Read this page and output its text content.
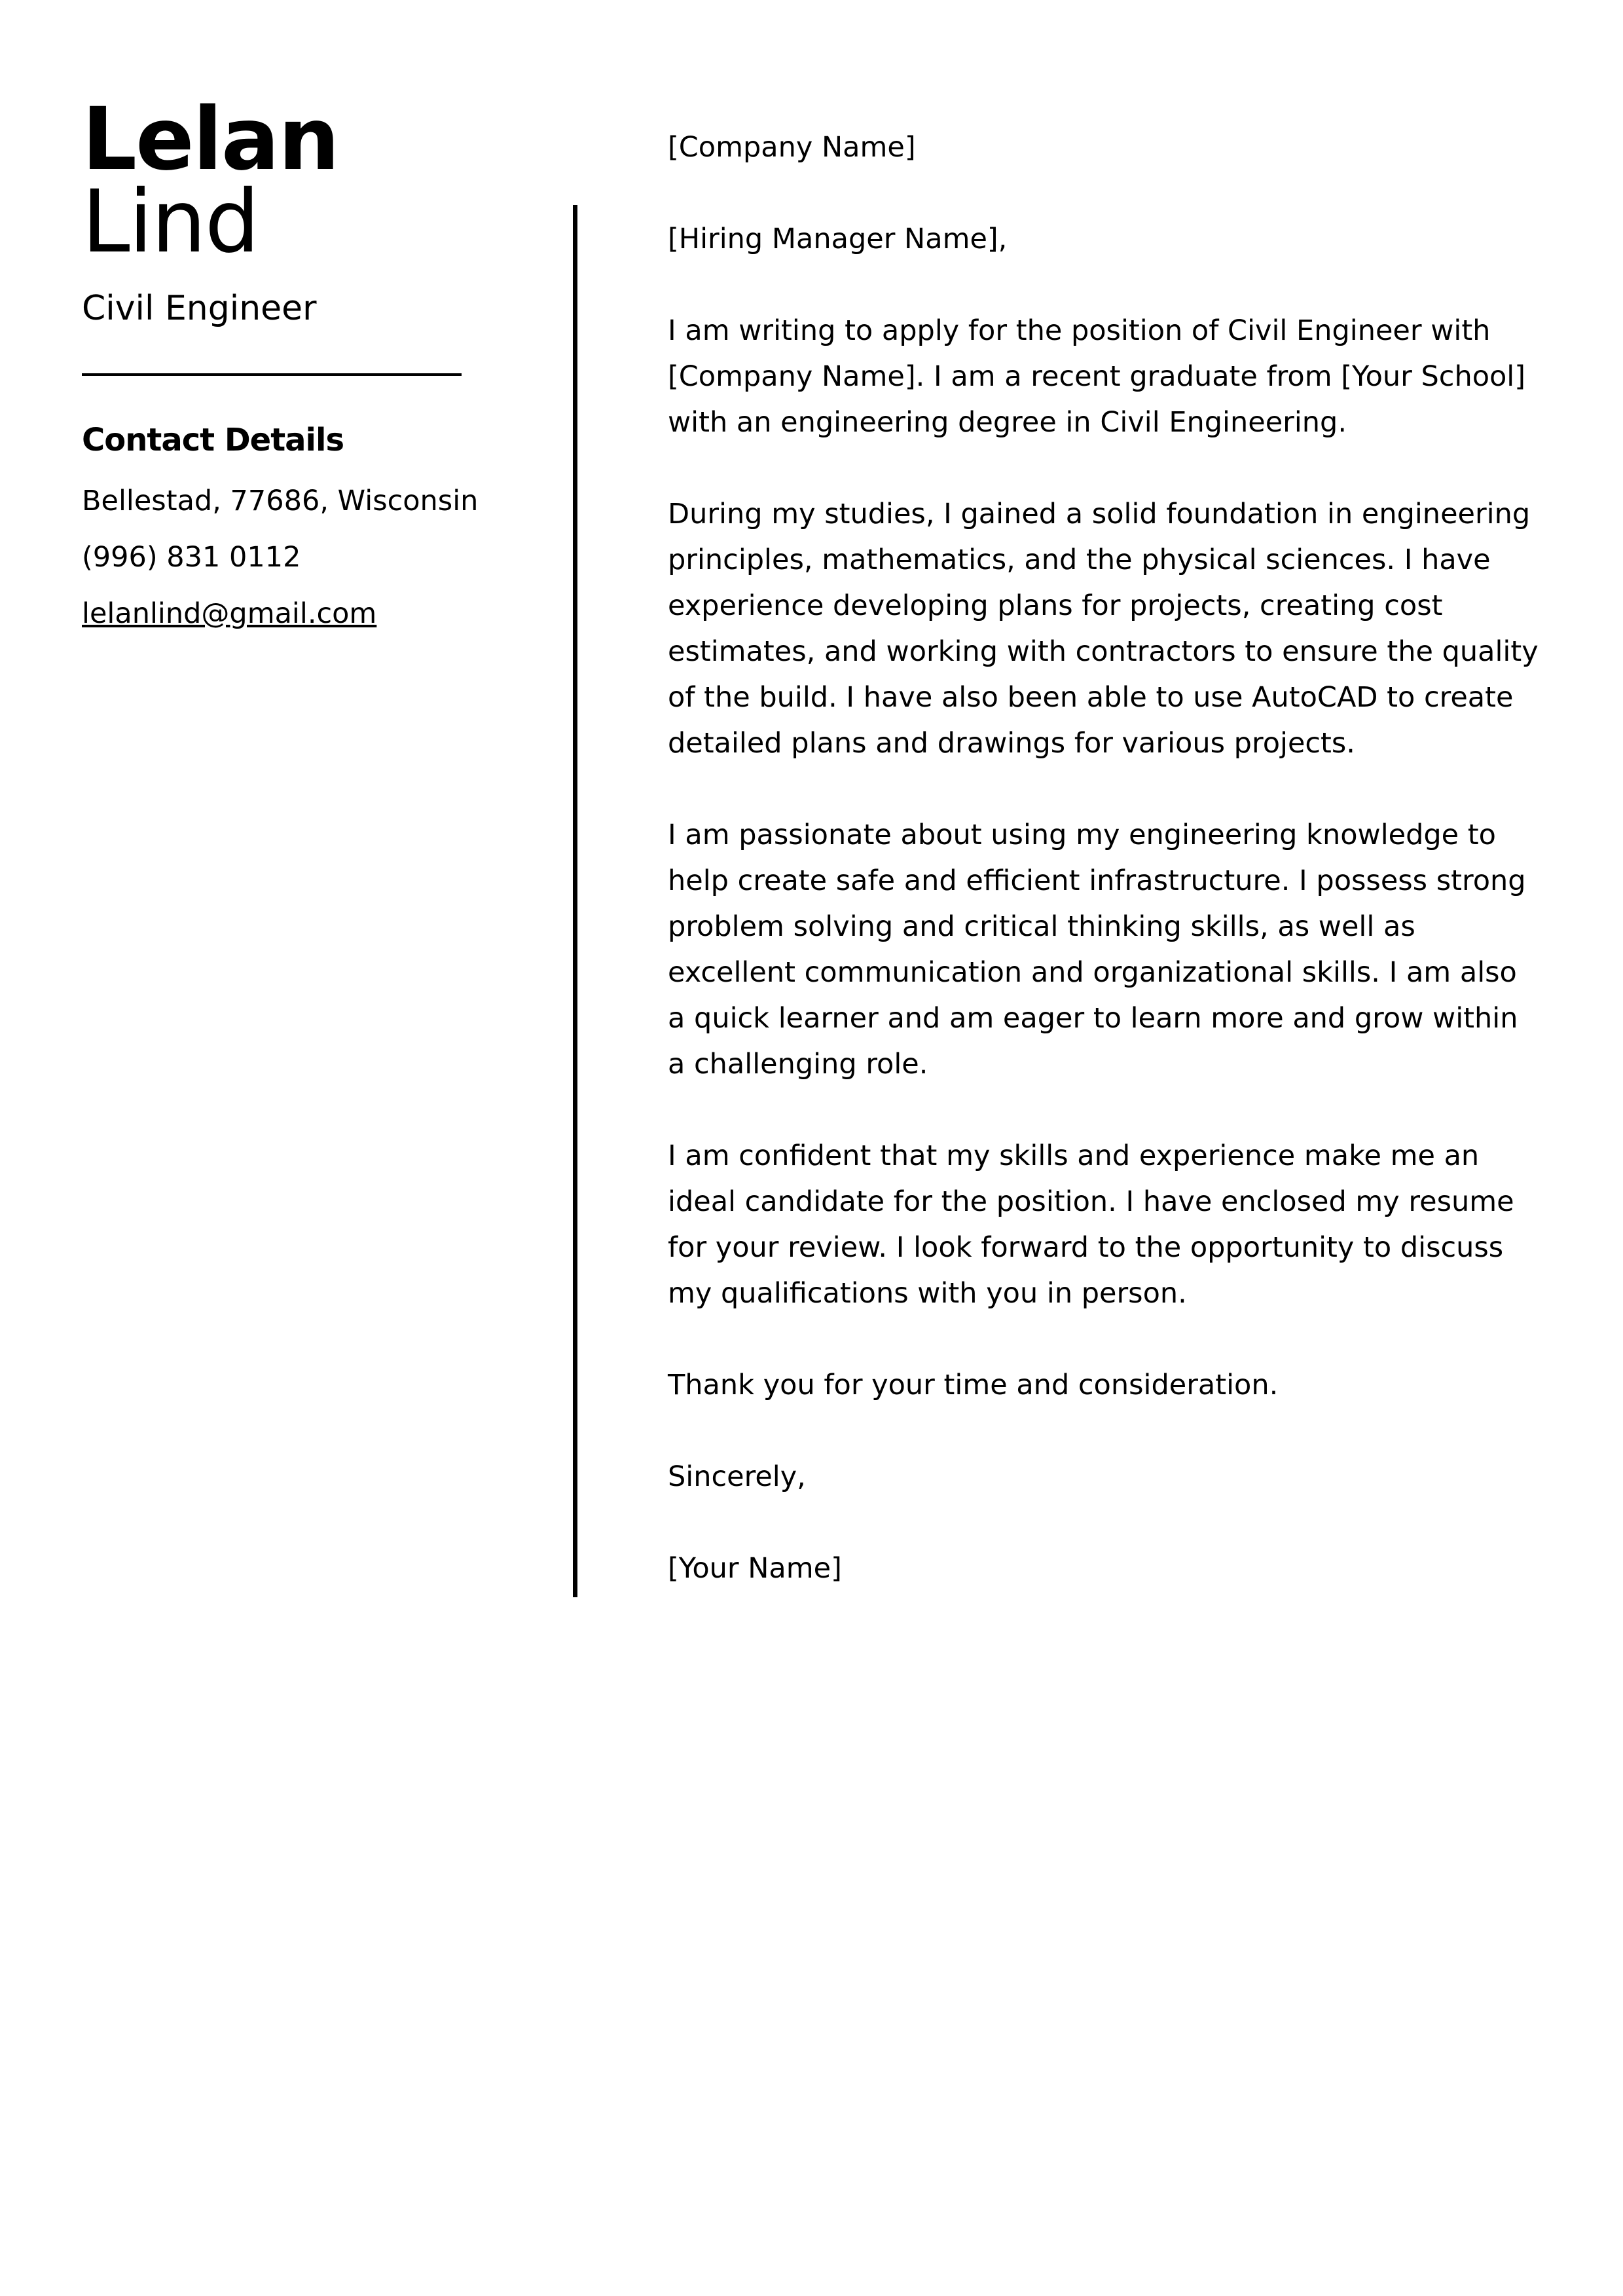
Lelan
Lind
Civil Engineer
Contact Details
Bellestad, 77686, Wisconsin
(996) 831 0112
lelanlind@gmail.com

[Company Name]

[Hiring Manager Name],

I am writing to apply for the position of Civil Engineer with [Company Name]. I am a recent graduate from [Your School] with an engineering degree in Civil Engineering.

During my studies, I gained a solid foundation in engineering principles, mathematics, and the physical sciences. I have experience developing plans for projects, creating cost estimates, and working with contractors to ensure the quality of the build. I have also been able to use AutoCAD to create detailed plans and drawings for various projects.

I am passionate about using my engineering knowledge to help create safe and efficient infrastructure. I possess strong problem solving and critical thinking skills, as well as excellent communication and organizational skills. I am also a quick learner and am eager to learn more and grow within a challenging role.

I am confident that my skills and experience make me an ideal candidate for the position. I have enclosed my resume for your review. I look forward to the opportunity to discuss my qualifications with you in person.

Thank you for your time and consideration.

Sincerely,

[Your Name]
